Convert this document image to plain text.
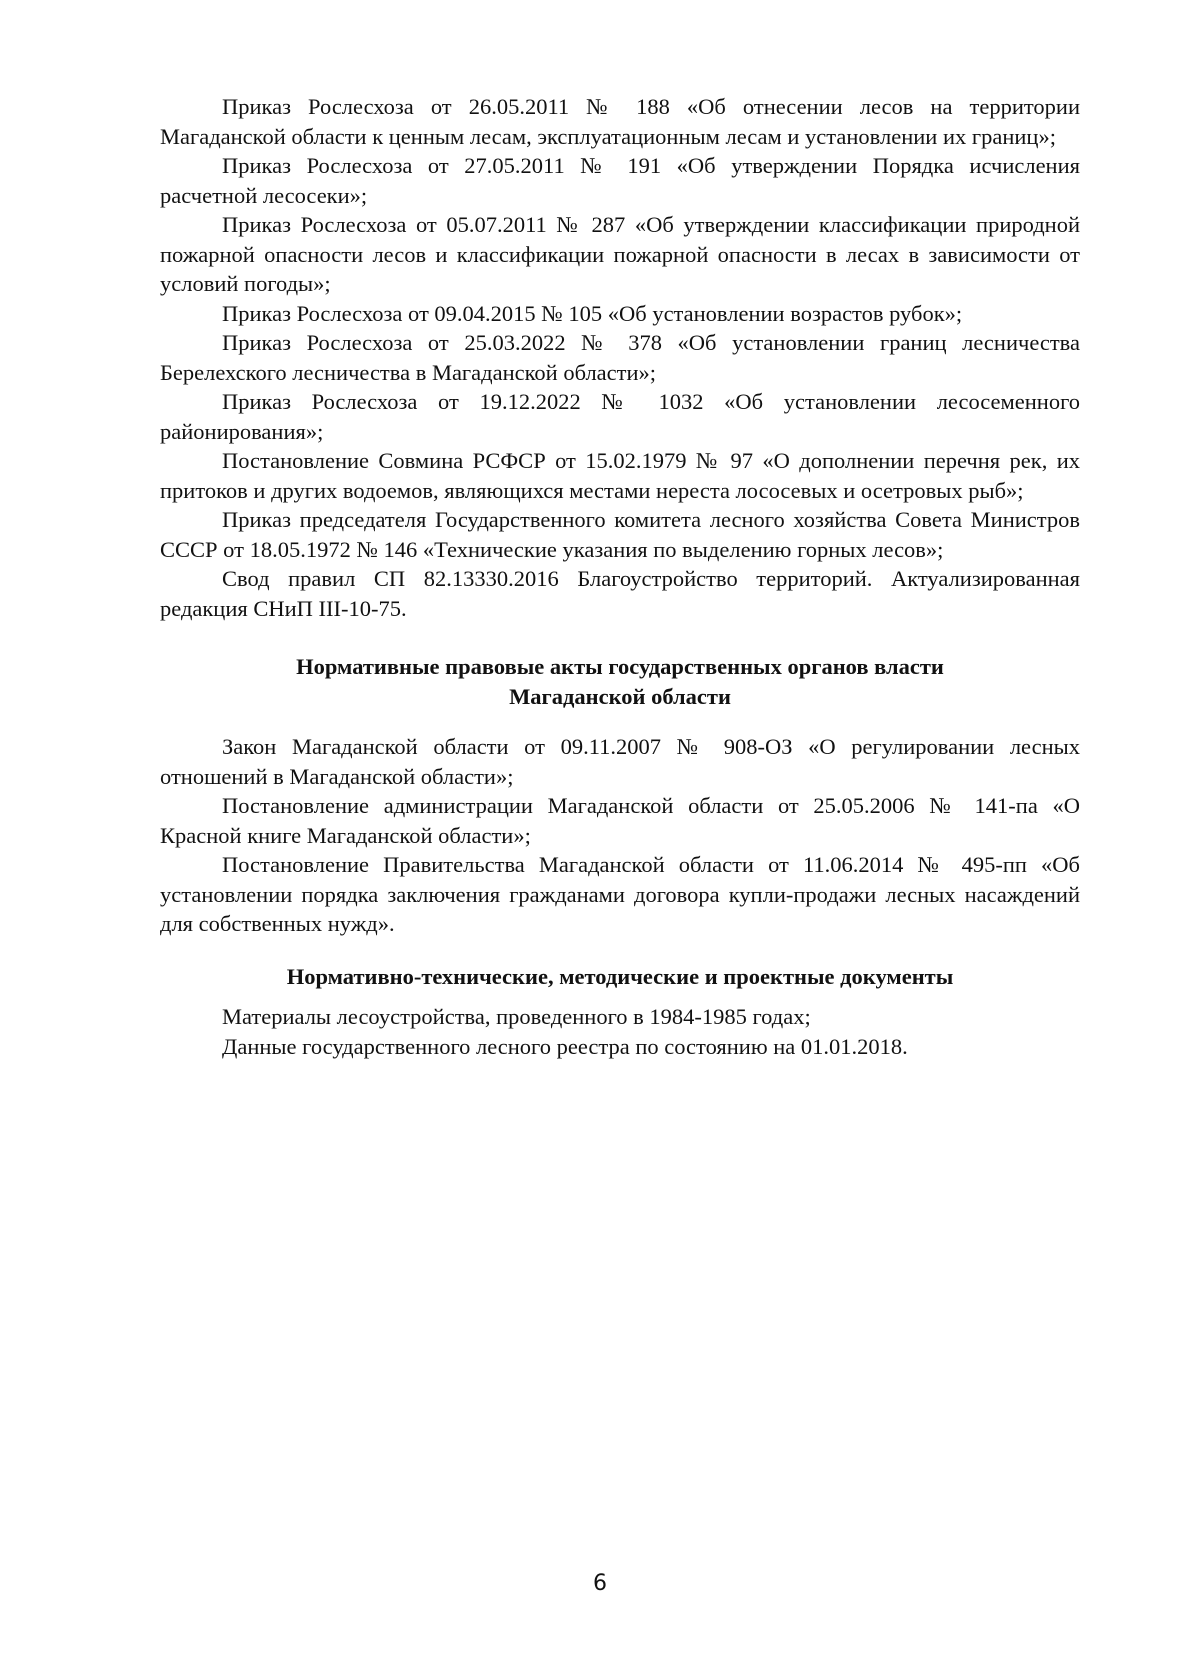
Приказ Рослесхоза от 26.05.2011 № 188 «Об отнесении лесов на территории Магаданской области к ценным лесам, эксплуатационным лесам и установлении их границ»;

Приказ Рослесхоза от 27.05.2011 № 191 «Об утверждении Порядка исчисления расчетной лесосеки»;

Приказ Рослесхоза от 05.07.2011 № 287 «Об утверждении классификации природной пожарной опасности лесов и классификации пожарной опасности в лесах в зависимости от условий погоды»;

Приказ Рослесхоза от 09.04.2015 № 105 «Об установлении возрастов рубок»;

Приказ Рослесхоза от 25.03.2022 № 378 «Об установлении границ лесничества Берелехского лесничества в Магаданской области»;

Приказ Рослесхоза от 19.12.2022 № 1032 «Об установлении лесосеменного районирования»;

Постановление Совмина РСФСР от 15.02.1979 № 97 «О дополнении перечня рек, их притоков и других водоемов, являющихся местами нереста лососевых и осетровых рыб»;

Приказ председателя Государственного комитета лесного хозяйства Совета Министров СССР от 18.05.1972 № 146 «Технические указания по выделению горных лесов»;

Свод правил СП 82.13330.2016 Благоустройство территорий. Актуализированная редакция СНиП III-10-75.

Нормативные правовые акты государственных органов власти
Магаданской области

Закон Магаданской области от 09.11.2007 № 908-ОЗ «О регулировании лесных отношений в Магаданской области»;

Постановление администрации Магаданской области от 25.05.2006 № 141-па «О Красной книге Магаданской области»;

Постановление Правительства Магаданской области от 11.06.2014 № 495-пп «Об установлении порядка заключения гражданами договора купли-продажи лесных насаждений для собственных нужд».

Нормативно-технические, методические и проектные документы

Материалы лесоустройства, проведенного в 1984-1985 годах;

Данные государственного лесного реестра по состоянию на 01.01.2018.

6
